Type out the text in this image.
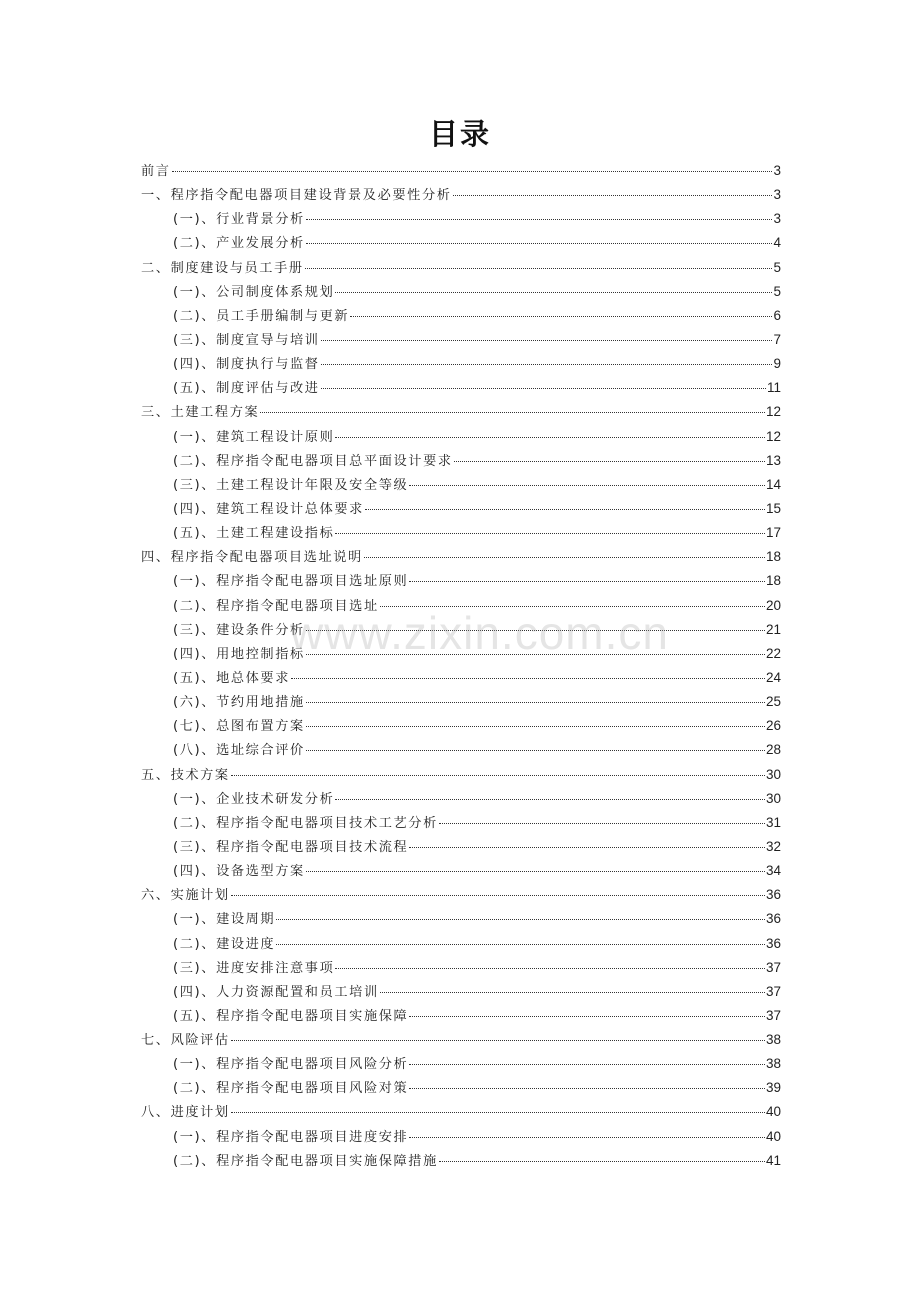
目录
www.zixin.com.cn
前言	3
一、程序指令配电器项目建设背景及必要性分析	3
(一)、行业背景分析	3
(二)、产业发展分析	4
二、制度建设与员工手册	5
(一)、公司制度体系规划	5
(二)、员工手册编制与更新	6
(三)、制度宣导与培训	7
(四)、制度执行与监督	9
(五)、制度评估与改进	11
三、土建工程方案	12
(一)、建筑工程设计原则	12
(二)、程序指令配电器项目总平面设计要求	13
(三)、土建工程设计年限及安全等级	14
(四)、建筑工程设计总体要求	15
(五)、土建工程建设指标	17
四、程序指令配电器项目选址说明	18
(一)、程序指令配电器项目选址原则	18
(二)、程序指令配电器项目选址	20
(三)、建设条件分析	21
(四)、用地控制指标	22
(五)、地总体要求	24
(六)、节约用地措施	25
(七)、总图布置方案	26
(八)、选址综合评价	28
五、技术方案	30
(一)、企业技术研发分析	30
(二)、程序指令配电器项目技术工艺分析	31
(三)、程序指令配电器项目技术流程	32
(四)、设备选型方案	34
六、实施计划	36
(一)、建设周期	36
(二)、建设进度	36
(三)、进度安排注意事项	37
(四)、人力资源配置和员工培训	37
(五)、程序指令配电器项目实施保障	37
七、风险评估	38
(一)、程序指令配电器项目风险分析	38
(二)、程序指令配电器项目风险对策	39
八、进度计划	40
(一)、程序指令配电器项目进度安排	40
(二)、程序指令配电器项目实施保障措施	41
